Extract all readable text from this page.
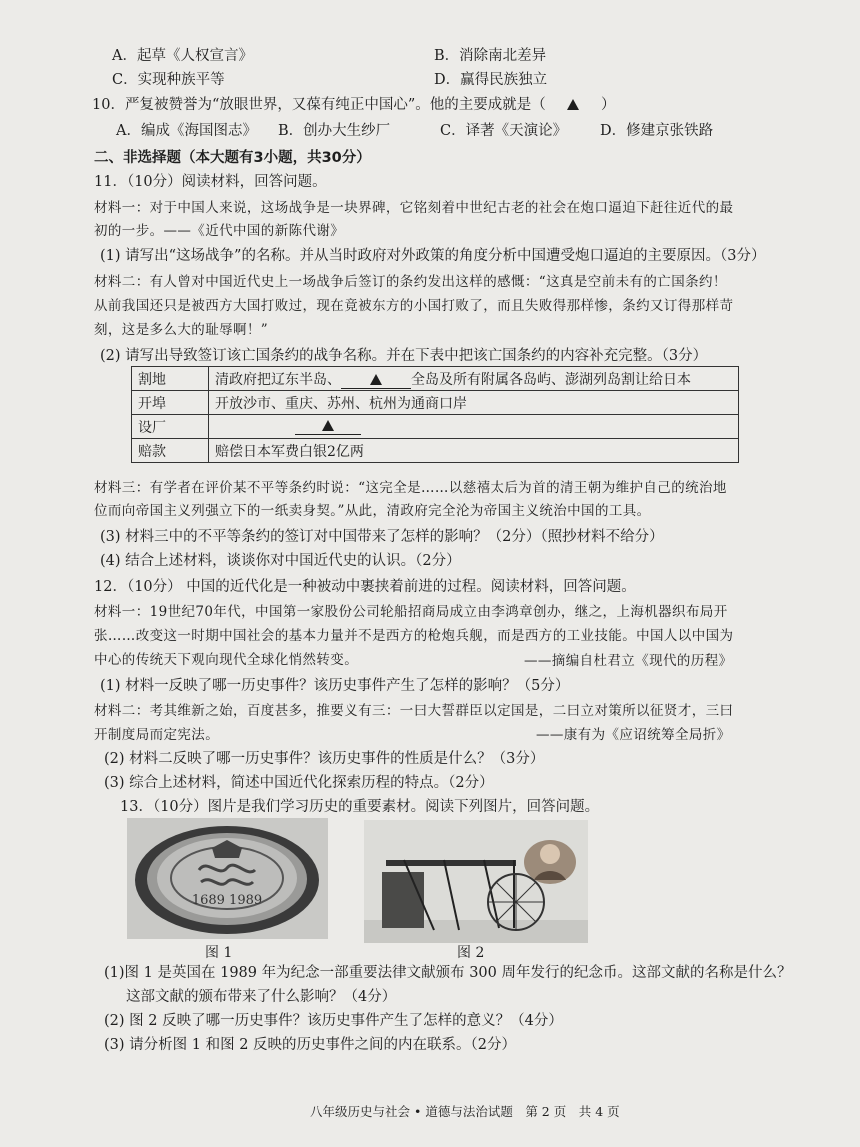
A．起草《人权宣言》	B．消除南北差异
C．实现种族平等	D．赢得民族独立
10．严复被赞誉为“放眼世界，又葆有纯正中国心”。他的主要成就是（	）
A．编成《海国图志》 B．创办大生纱厂	C．译著《天演论》 D．修建京张铁路
二、非选择题（本大题有3小题，共30分）
11．（10分）阅读材料，回答问题。
材料一：对于中国人来说，这场战争是一块界碑，它铭刻着中世纪古老的社会在炮口逼迫下赶往近代的最
初的一步。——《近代中国的新陈代谢》
(1) 请写出“这场战争”的名称。并从当时政府对外政策的角度分析中国遭受炮口逼迫的主要原因。（3分）
材料二：有人曾对中国近代史上一场战争后签订的条约发出这样的感慨：“这真是空前未有的亡国条约！
从前我国还只是被西方大国打败过，现在竟被东方的小国打败了，而且失败得那样惨，条约又订得那样苛
刻，这是多么大的耻辱啊！”
(2) 请写出导致签订该亡国条约的战争名称。并在下表中把该亡国条约的内容补充完整。（3分）
割地	清政府把辽东半岛、 全岛及所有附属各岛屿、澎湖列岛割让给日本
开埠	开放沙市、重庆、苏州、杭州为通商口岸
设厂	
赔款	赔偿日本军费白银2亿两
材料三：有学者在评价某不平等条约时说：“这完全是……以慈禧太后为首的清王朝为维护自己的统治地
位而向帝国主义列强立下的一纸卖身契。”从此，清政府完全沦为帝国主义统治中国的工具。
(3) 材料三中的不平等条约的签订对中国带来了怎样的影响？（2分）（照抄材料不给分）
(4) 结合上述材料，谈谈你对中国近代史的认识。（2分）
12．（10分） 中国的近代化是一种被动中裹挟着前进的过程。阅读材料，回答问题。
材料一：19世纪70年代，中国第一家股份公司轮船招商局成立由李鸿章创办，继之，上海机器织布局开
张……改变这一时期中国社会的基本力量并不是西方的枪炮兵舰，而是西方的工业技能。中国人以中国为
中心的传统天下观向现代全球化悄然转变。	——摘编自杜君立《现代的历程》
(1) 材料一反映了哪一历史事件？该历史事件产生了怎样的影响？（5分）
材料二：考其维新之始，百度甚多，推要义有三：一曰大誓群臣以定国是，二曰立对策所以征贤才，三曰
开制度局而定宪法。	——康有为《应诏统筹全局折》
(2) 材料二反映了哪一历史事件？该历史事件的性质是什么？（3分）
(3) 综合上述材料，简述中国近代化探索历程的特点。（2分）
13．（10分）图片是我们学习历史的重要素材。阅读下列图片，回答问题。
1689 1989
图 1	图 2
(1)图 1 是英国在 1989 年为纪念一部重要法律文献颁布 300 周年发行的纪念币。这部文献的名称是什么？
这部文献的颁布带来了什么影响？（4分）
(2) 图 2 反映了哪一历史事件？该历史事件产生了怎样的意义？（4分）
(3) 请分析图 1 和图 2 反映的历史事件之间的内在联系。（2分）
八年级历史与社会 • 道德与法治试题　第 2 页　共 4 页
